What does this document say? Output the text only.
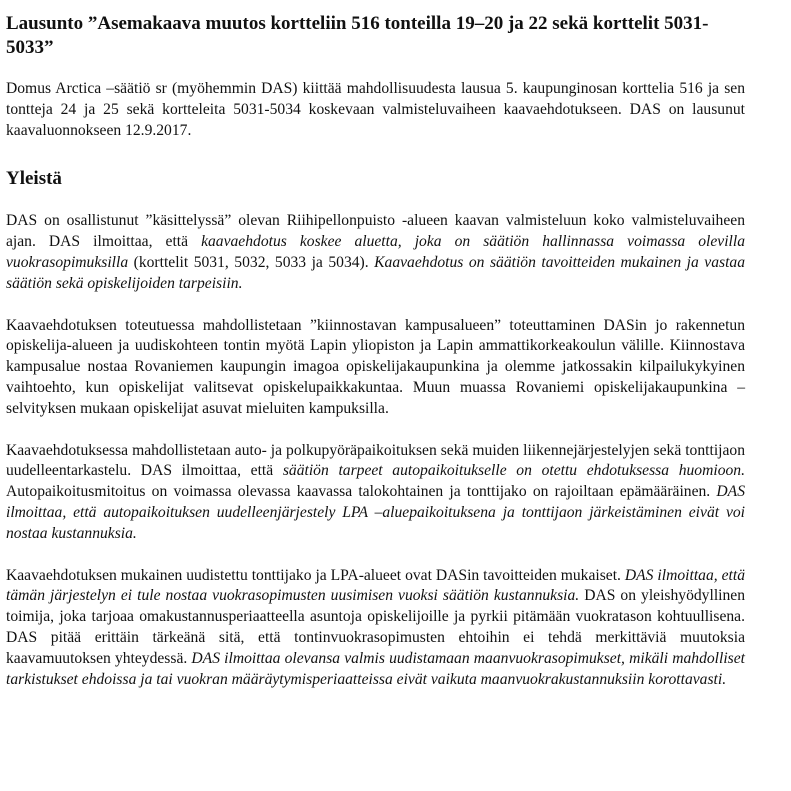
Lausunto ”Asemakaava muutos kortteliin 516 tonteilla 19–20 ja 22 sekä korttelit 5031-5033”

Domus Arctica –säätiö sr (myöhemmin DAS) kiittää mahdollisuudesta lausua 5. kaupunginosan korttelia 516 ja sen tontteja 24 ja 25 sekä kortteleita 5031-5034 koskevaan valmisteluvaiheen kaavaehdotukseen. DAS on lausunut kaavaluonnokseen 12.9.2017.

Yleistä

DAS on osallistunut ”käsittelyssä” olevan Riihipellonpuisto -alueen kaavan valmisteluun koko valmisteluvaiheen ajan. DAS ilmoittaa, että kaavaehdotus koskee aluetta, joka on säätiön hallinnassa voimassa olevilla vuokrasopimuksilla (korttelit 5031, 5032, 5033 ja 5034). Kaavaehdotus on säätiön tavoitteiden mukainen ja vastaa säätiön sekä opiskelijoiden tarpeisiin.

Kaavaehdotuksen toteutuessa mahdollistetaan ”kiinnostavan kampusalueen” toteuttaminen DASin jo rakennetun opiskelija-alueen ja uudiskohteen tontin myötä Lapin yliopiston ja Lapin ammattikorkeakoulun välille. Kiinnostava kampusalue nostaa Rovaniemen kaupungin imagoa opiskelijakaupunkina ja olemme jatkossakin kilpailukykyinen vaihtoehto, kun opiskelijat valitsevat opiskelupaikkakuntaa. Muun muassa Rovaniemi opiskelijakaupunkina –selvityksen mukaan opiskelijat asuvat mieluiten kampuksilla.

Kaavaehdotuksessa mahdollistetaan auto- ja polkupyöräpaikoituksen sekä muiden liikennejärjestelyjen sekä tonttijaon uudelleentarkastelu. DAS ilmoittaa, että säätiön tarpeet autopaikoitukselle on otettu ehdotuksessa huomioon. Autopaikoitusmitoitus on voimassa olevassa kaavassa talokohtainen ja tonttijako on rajoiltaan epämääräinen. DAS ilmoittaa, että autopaikoituksen uudelleenjärjestely LPA –aluepaikoituksena ja tonttijaon järkeistäminen eivät voi nostaa kustannuksia.

Kaavaehdotuksen mukainen uudistettu tonttijako ja LPA-alueet ovat DASin tavoitteiden mukaiset. DAS ilmoittaa, että tämän järjestelyn ei tule nostaa vuokrasopimusten uusimisen vuoksi säätiön kustannuksia. DAS on yleishyödyllinen toimija, joka tarjoaa omakustannusperiaatteella asuntoja opiskelijoille ja pyrkii pitämään vuokratason kohtuullisena. DAS pitää erittäin tärkeänä sitä, että tontinvuokrasopimusten ehtoihin ei tehdä merkittäviä muutoksia kaavamuutoksen yhteydessä. DAS ilmoittaa olevansa valmis uudistamaan maanvuokrasopimukset, mikäli mahdolliset tarkistukset ehdoissa ja tai vuokran määräytymisperiaatteissa eivät vaikuta maanvuokrakustannuksiin korottavasti.
